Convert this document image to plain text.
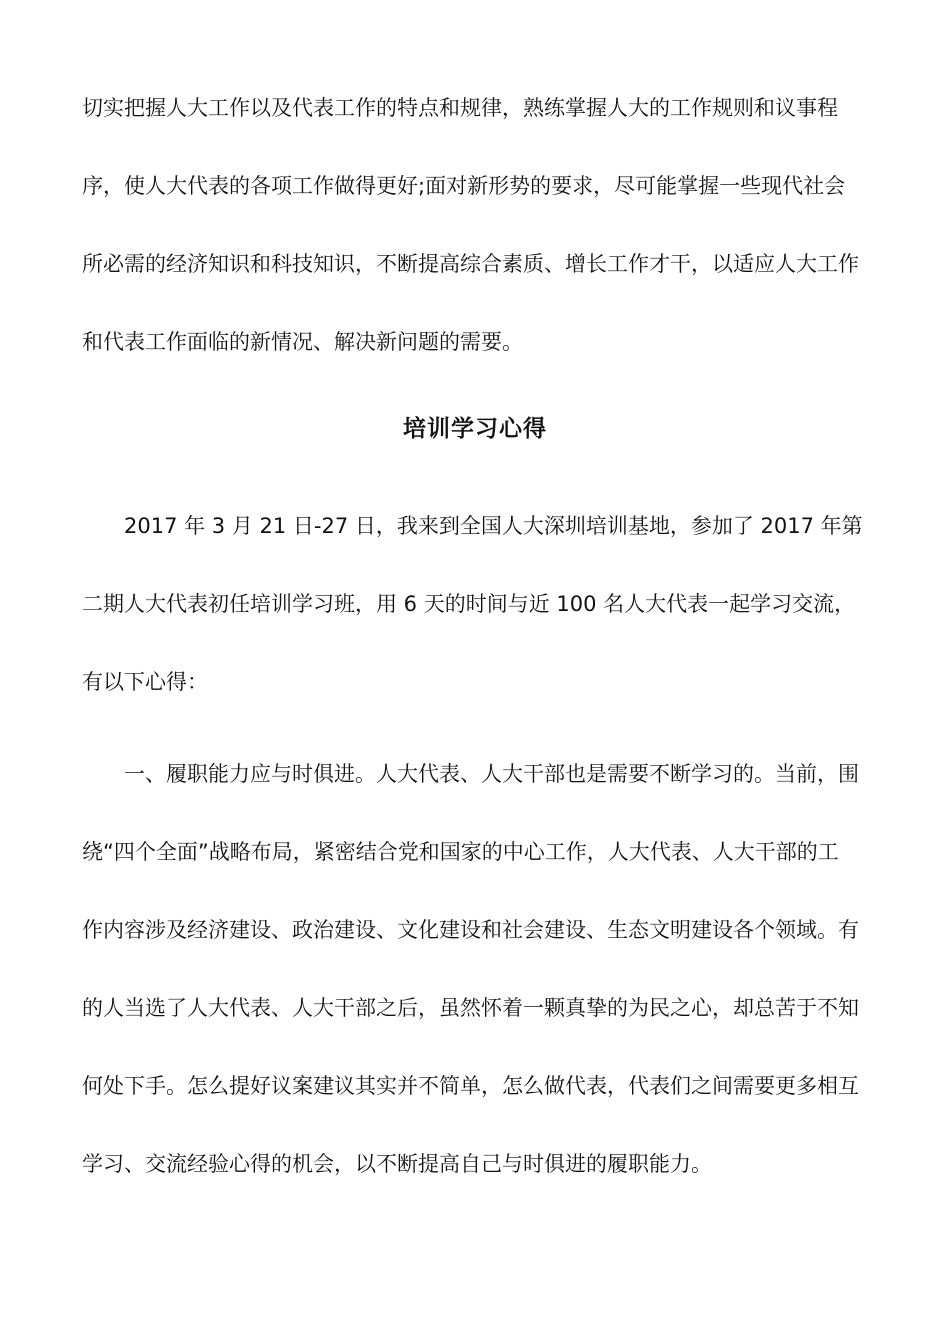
切实把握人大工作以及代表工作的特点和规律，熟练掌握人大的工作规则和议事程
序，使人大代表的各项工作做得更好;面对新形势的要求，尽可能掌握一些现代社会
所必需的经济知识和科技知识，不断提高综合素质、增长工作才干，以适应人大工作
和代表工作面临的新情况、解决新问题的需要。
培训学习心得
2017 年 3 月 21 日-27 日，我来到全国人大深圳培训基地，参加了 2017 年第
二期人大代表初任培训学习班，用 6 天的时间与近 100 名人大代表一起学习交流，
有以下心得：
一、履职能力应与时俱进。人大代表、人大干部也是需要不断学习的。当前，围
绕“四个全面”战略布局，紧密结合党和国家的中心工作，人大代表、人大干部的工
作内容涉及经济建设、政治建设、文化建设和社会建设、生态文明建设各个领域。有
的人当选了人大代表、人大干部之后，虽然怀着一颗真挚的为民之心，却总苦于不知
何处下手。怎么提好议案建议其实并不简单，怎么做代表，代表们之间需要更多相互
学习、交流经验心得的机会，以不断提高自己与时俱进的履职能力。
